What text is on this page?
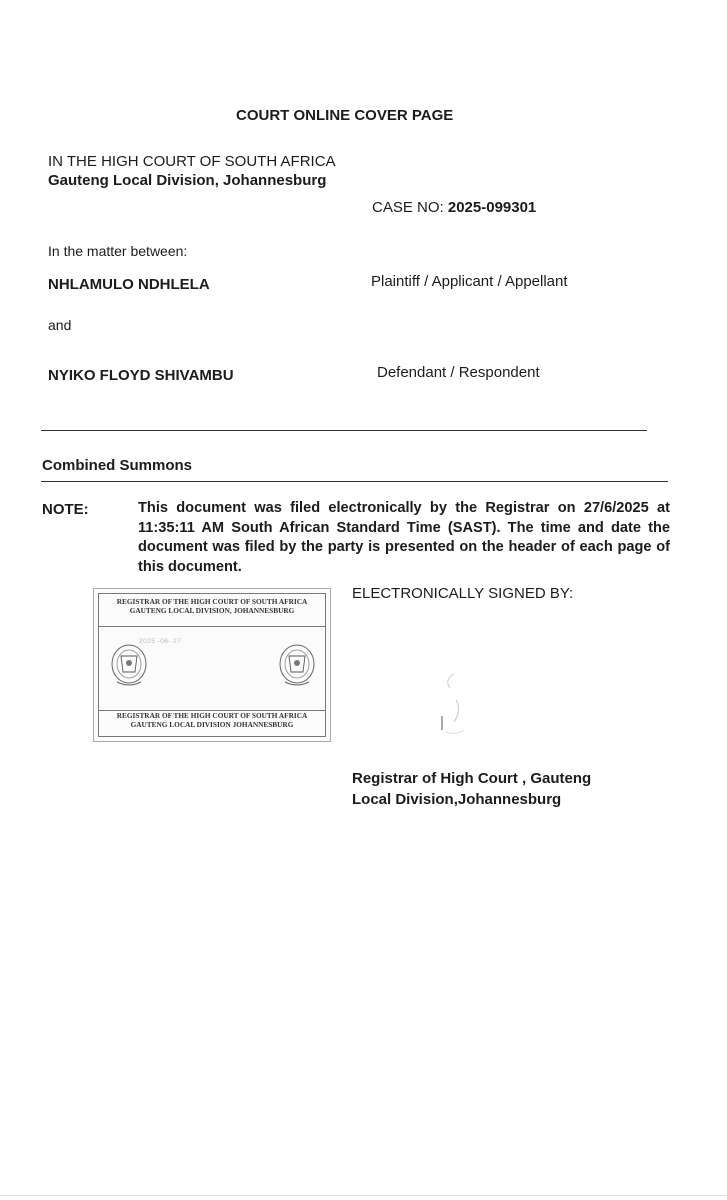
COURT ONLINE COVER PAGE
IN THE HIGH COURT OF SOUTH AFRICA
Gauteng Local Division, Johannesburg
CASE NO: 2025-099301
In the matter between:
NHLAMULO NDHLELA	Plaintiff / Applicant / Appellant
and
NYIKO FLOYD SHIVAMBU	Defendant / Respondent
Combined Summons
NOTE:	This document was filed electronically by the Registrar on 27/6/2025 at 11:35:11 AM South African Standard Time (SAST). The time and date the document was filed by the party is presented on the header of each page of this document.
REGISTRAR OF THE HIGH COURT OF SOUTH AFRICA GAUTENG LOCAL DIVISION, JOHANNESBURG
2025 -06- 27
REGISTRAR OF THE HIGH COURT OF SOUTH AFRICA GAUTENG LOCAL DIVISION JOHANNESBURG
ELECTRONICALLY SIGNED BY:
Registrar of High Court , Gauteng
Local Division,Johannesburg
